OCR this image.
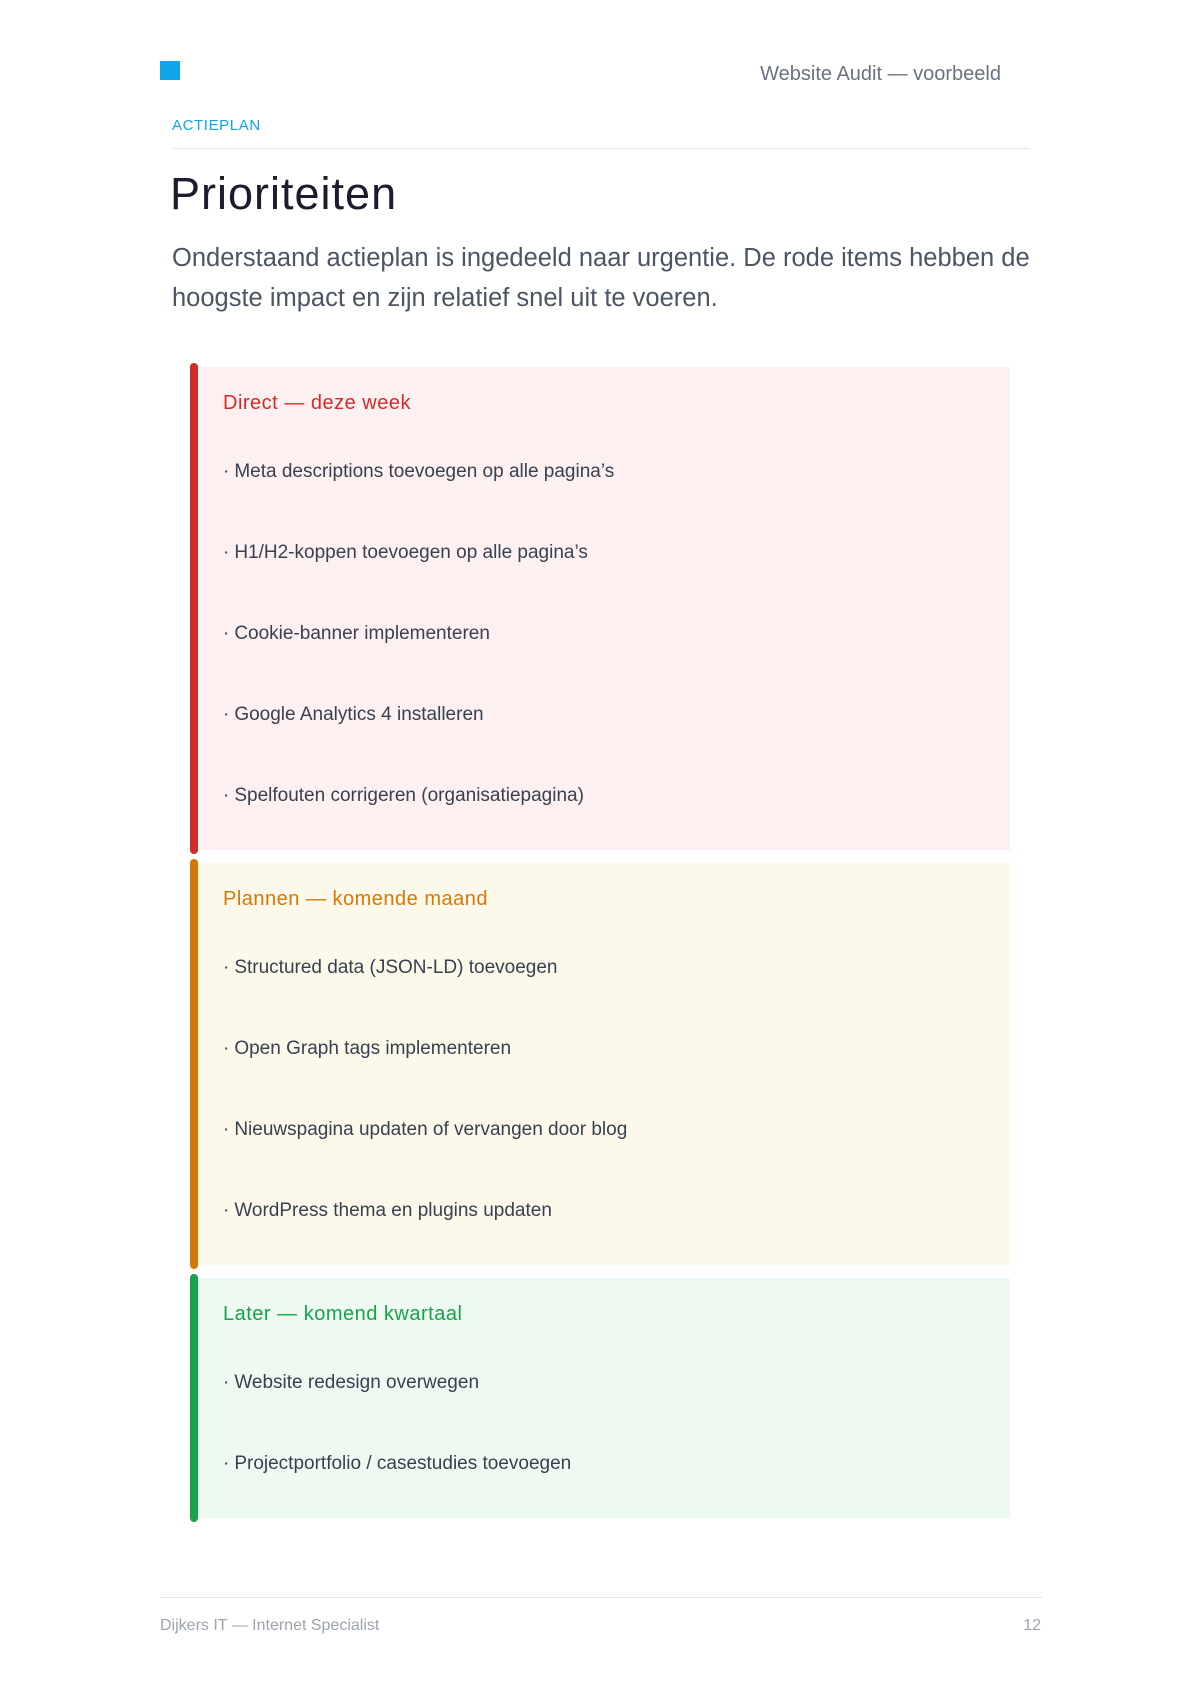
Website Audit — voorbeeld
ACTIEPLAN
Prioriteiten

Onderstaand actieplan is ingedeeld naar urgentie. De rode items hebben de hoogste impact en zijn relatief snel uit te voeren.

Direct — deze week
· Meta descriptions toevoegen op alle pagina’s
· H1/H2-koppen toevoegen op alle pagina’s
· Cookie-banner implementeren
· Google Analytics 4 installeren
· Spelfouten corrigeren (organisatiepagina)
Plannen — komende maand
· Structured data (JSON-LD) toevoegen
· Open Graph tags implementeren
· Nieuwspagina updaten of vervangen door blog
· WordPress thema en plugins updaten
Later — komend kwartaal
· Website redesign overwegen
· Projectportfolio / casestudies toevoegen
Dijkers IT — Internet Specialist	12
